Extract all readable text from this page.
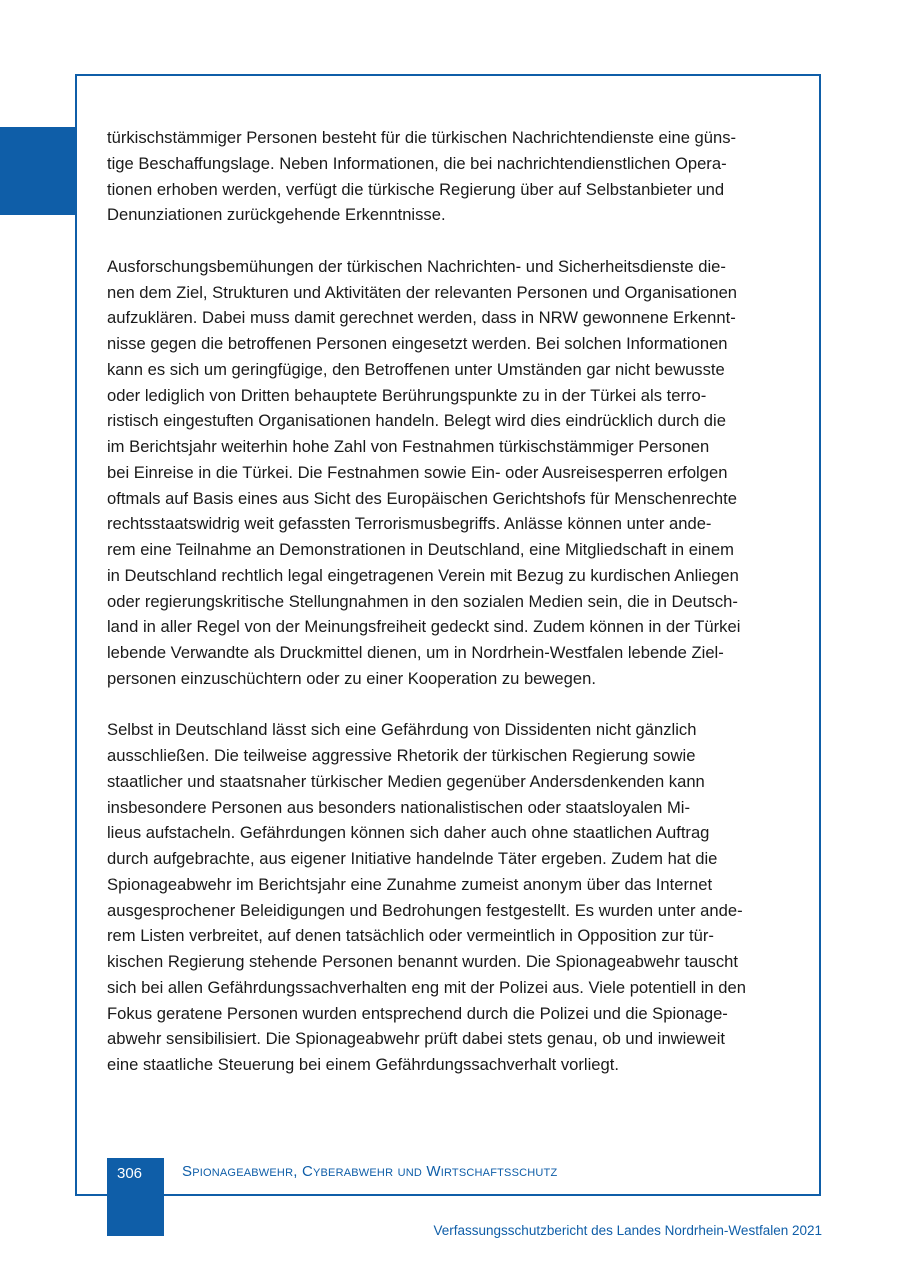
türkischstämmiger Personen besteht für die türkischen Nachrichtendienste eine güns-
tige Beschaffungslage. Neben Informationen, die bei nachrichtendienstlichen Opera-
tionen erhoben werden, verfügt die türkische Regierung über auf Selbstanbieter und
Denunziationen zurückgehende Erkenntnisse.

Ausforschungsbemühungen der türkischen Nachrichten- und Sicherheitsdienste die-
nen dem Ziel, Strukturen und Aktivitäten der relevanten Personen und Organisationen
aufzuklären. Dabei muss damit gerechnet werden, dass in NRW gewonnene Erkennt-
nisse gegen die betroffenen Personen eingesetzt werden. Bei solchen Informationen
kann es sich um geringfügige, den Betroffenen unter Umständen gar nicht bewusste
oder lediglich von Dritten behauptete Berührungspunkte zu in der Türkei als terro-
ristisch eingestuften Organisationen handeln. Belegt wird dies eindrücklich durch die
im Berichtsjahr weiterhin hohe Zahl von Festnahmen türkischstämmiger Personen
bei Einreise in die Türkei. Die Festnahmen sowie Ein- oder Ausreisesperren erfolgen
oftmals auf Basis eines aus Sicht des Europäischen Gerichtshofs für Menschenrechte
rechtsstaatswidrig weit gefassten Terrorismusbegriffs. Anlässe können unter ande-
rem eine Teilnahme an Demonstrationen in Deutschland, eine Mitgliedschaft in einem
in Deutschland rechtlich legal eingetragenen Verein mit Bezug zu kurdischen Anliegen
oder regierungskritische Stellungnahmen in den sozialen Medien sein, die in Deutsch-
land in aller Regel von der Meinungsfreiheit gedeckt sind. Zudem können in der Türkei
lebende Verwandte als Druckmittel dienen, um in Nordrhein-Westfalen lebende Ziel-
personen einzuschüchtern oder zu einer Kooperation zu bewegen.

Selbst in Deutschland lässt sich eine Gefährdung von Dissidenten nicht gänzlich
ausschließen. Die teilweise aggressive Rhetorik der türkischen Regierung sowie
staatlicher und staatsnaher türkischer Medien gegenüber Andersdenkenden kann
insbesondere Personen aus besonders nationalistischen oder staatsloyalen Mi-
lieus aufstacheln. Gefährdungen können sich daher auch ohne staatlichen Auftrag
durch aufgebrachte, aus eigener Initiative handelnde Täter ergeben. Zudem hat die
Spionageabwehr im Berichtsjahr eine Zunahme zumeist anonym über das Internet
ausgesprochener Beleidigungen und Bedrohungen festgestellt. Es wurden unter ande-
rem Listen verbreitet, auf denen tatsächlich oder vermeintlich in Opposition zur tür-
kischen Regierung stehende Personen benannt wurden. Die Spionageabwehr tauscht
sich bei allen Gefährdungssachverhalten eng mit der Polizei aus. Viele potentiell in den
Fokus geratene Personen wurden entsprechend durch die Polizei und die Spionage-
abwehr sensibilisiert. Die Spionageabwehr prüft dabei stets genau, ob und inwieweit
eine staatliche Steuerung bei einem Gefährdungssachverhalt vorliegt.

306	Spionageabwehr, Cyberabwehr und Wirtschaftsschutz
Verfassungsschutzbericht des Landes Nordrhein-Westfalen 2021
